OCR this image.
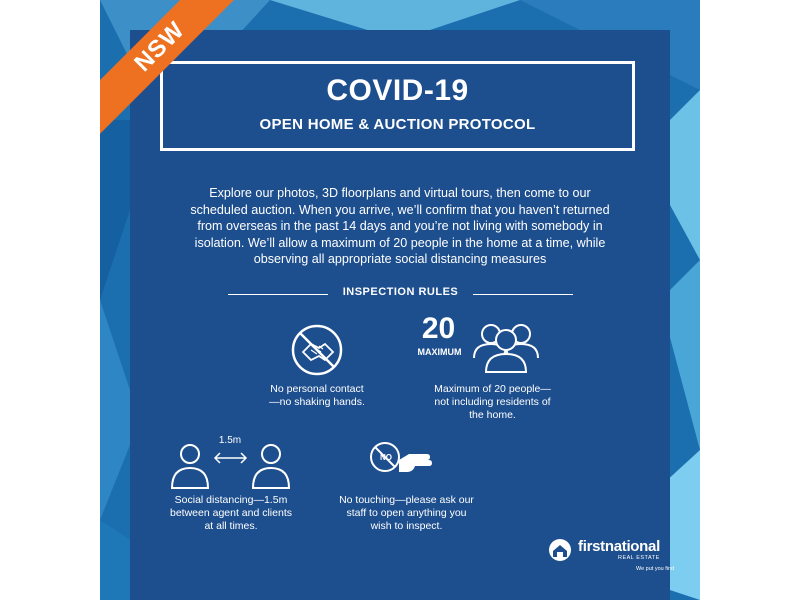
COVID-19
OPEN HOME & AUCTION PROTOCOL

Explore our photos, 3D floorplans and virtual tours, then come to our scheduled auction. When you arrive, we’ll confirm that you haven’t returned from overseas in the past 14 days and you’re not living with somebody in isolation. We’ll allow a maximum of 20 people in the home at a time, while observing all appropriate social distancing measures

INSPECTION RULES

No personal contact—no shaking hands.

20
MAXIMUM

Maximum of 20 people—not including residents of the home.

1.5m

Social distancing—1.5m between agent and clients at all times.

NO

No touching—please ask our staff to open anything you wish to inspect.

firstnational
REAL ESTATE
We put you first
NSW
